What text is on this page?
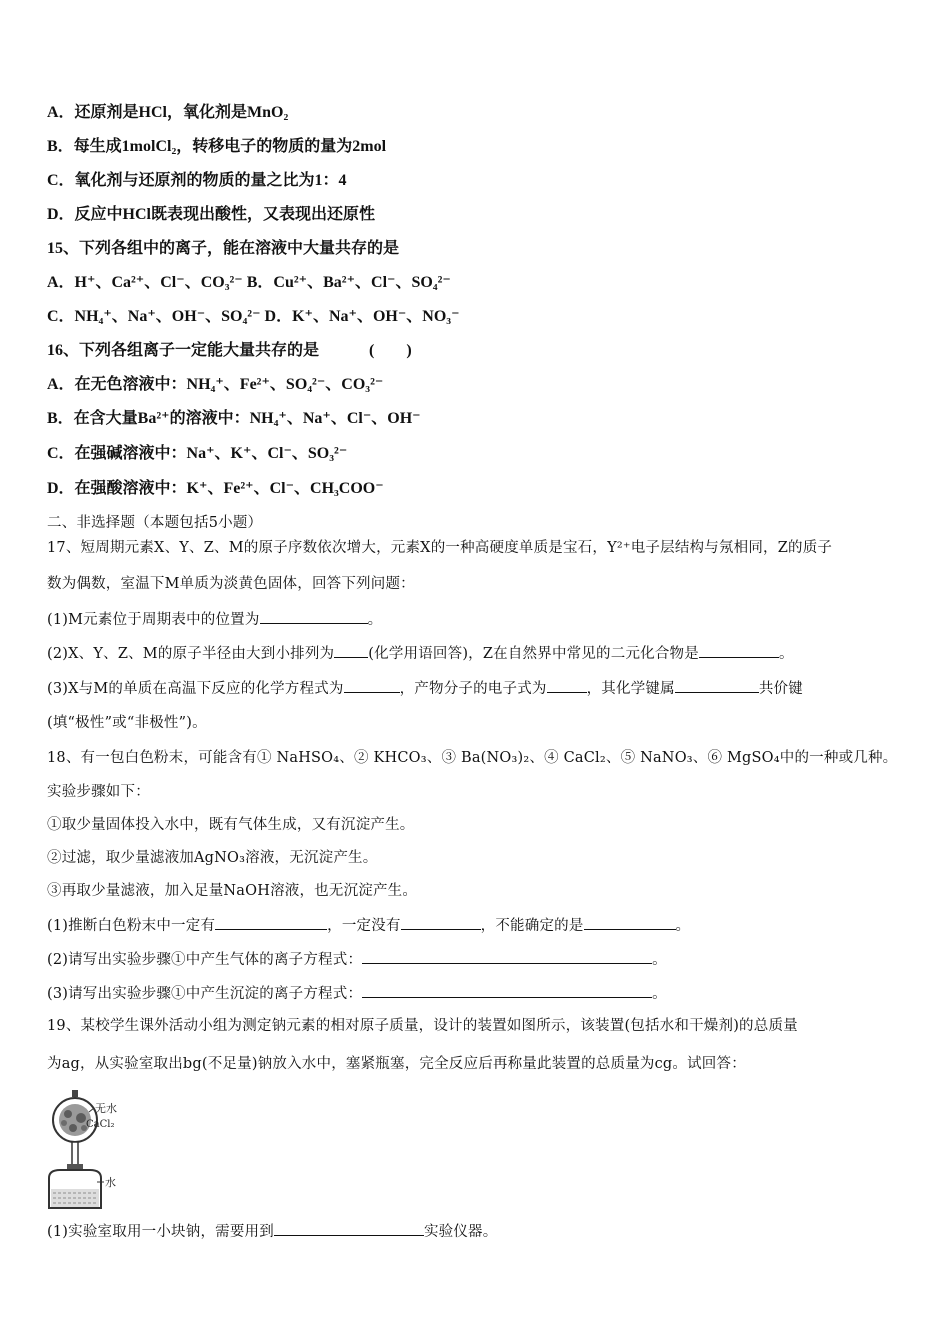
A．还原剂是HCl，氧化剂是MnO₂
B．每生成1molCl₂，转移电子的物质的量为2mol
C．氧化剂与还原剂的物质的量之比为1：4
D．反应中HCl既表现出酸性，又表现出还原性
15、下列各组中的离子，能在溶液中大量共存的是
A．H⁺、Ca²⁺、Cl⁻、CO₃²⁻ B．Cu²⁺、Ba²⁺、Cl⁻、SO₄²⁻
C．NH₄⁺、Na⁺、OH⁻、SO₄²⁻ D．K⁺、Na⁺、OH⁻、NO₃⁻
16、下列各组离子一定能大量共存的是	(　　)
A．在无色溶液中：NH₄⁺、Fe²⁺、SO₄²⁻、CO₃²⁻
B．在含大量Ba²⁺的溶液中：NH₄⁺、Na⁺、Cl⁻、OH⁻
C．在强碱溶液中：Na⁺、K⁺、Cl⁻、SO₃²⁻
D．在强酸溶液中：K⁺、Fe²⁺、Cl⁻、CH₃COO⁻
二、非选择题（本题包括5小题）
17、短周期元素X、Y、Z、M的原子序数依次增大，元素X的一种高硬度单质是宝石，Y²⁺电子层结构与氖相同，Z的质子
数为偶数，室温下M单质为淡黄色固体，回答下列问题：
(1)M元素位于周期表中的位置为	。
(2)X、Y、Z、M的原子半径由大到小排列为 (化学用语回答)，Z在自然界中常见的二元化合物是	。
(3)X与M的单质在高温下反应的化学方程式为	，产物分子的电子式为	，其化学键属	共价键
(填“极性”或“非极性”)。
18、有一包白色粉末，可能含有① NaHSO₄、② KHCO₃、③ Ba(NO₃)₂、④ CaCl₂、⑤ NaNO₃、⑥ MgSO₄中的一种或几种。
实验步骤如下：
①取少量固体投入水中，既有气体生成，又有沉淀产生。
②过滤，取少量滤液加AgNO₃溶液，无沉淀产生。
③再取少量滤液，加入足量NaOH溶液，也无沉淀产生。
(1)推断白色粉末中一定有	，一定没有	，不能确定的是	。
(2)请写出实验步骤①中产生气体的离子方程式：	。
(3)请写出实验步骤①中产生沉淀的离子方程式：	。
19、某校学生课外活动小组为测定钠元素的相对原子质量，设计的装置如图所示，该装置(包括水和干燥剂)的总质量
为ag，从实验室取出bg(不足量)钠放入水中，塞紧瓶塞，完全反应后再称量此装置的总质量为cg。试回答：
无水
CaCl₂
水
(1)实验室取用一小块钠，需要用到	实验仪器。
